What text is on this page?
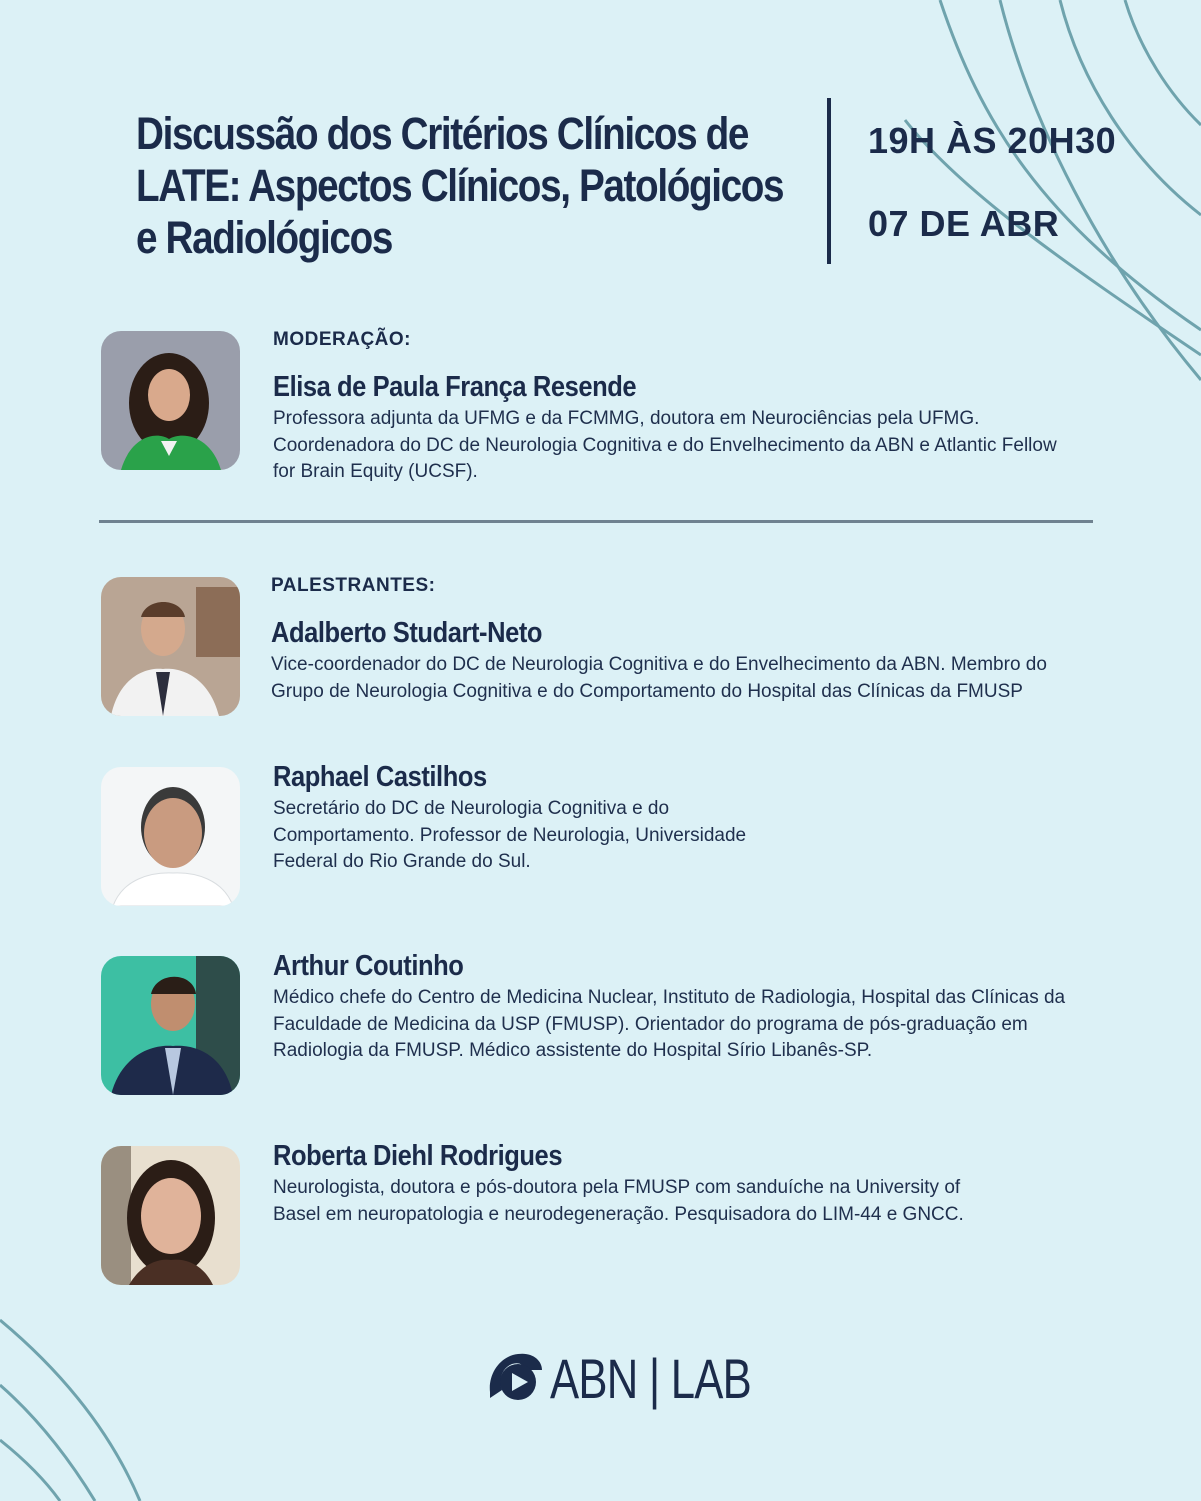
Discussão dos Critérios Clínicos de LATE: Aspectos Clínicos, Patológicos e Radiológicos
19H ÀS 20H30
07 DE ABR
MODERAÇÃO:
Elisa de Paula França Resende
Professora adjunta da UFMG e da FCMMG, doutora em Neurociências pela UFMG. Coordenadora do DC de Neurologia Cognitiva e do Envelhecimento da ABN e Atlantic Fellow for Brain Equity (UCSF).
PALESTRANTES:
Adalberto Studart-Neto
Vice-coordenador do DC de Neurologia Cognitiva e do Envelhecimento da ABN. Membro do Grupo de Neurologia Cognitiva e do Comportamento do Hospital das Clínicas da FMUSP
Raphael Castilhos
Secretário do DC de Neurologia Cognitiva e do Comportamento. Professor de Neurologia, Universidade Federal do Rio Grande do Sul.
Arthur Coutinho
Médico chefe do Centro de Medicina Nuclear, Instituto de Radiologia, Hospital das Clínicas da Faculdade de Medicina da USP (FMUSP). Orientador do programa de pós-graduação em Radiologia da FMUSP. Médico assistente do Hospital Sírio Libanês-SP.
Roberta Diehl Rodrigues
Neurologista, doutora e pós-doutora pela FMUSP com sanduíche na University of Basel em neuropatologia e neurodegeneração. Pesquisadora do LIM-44 e GNCC.
ABN | LAB
